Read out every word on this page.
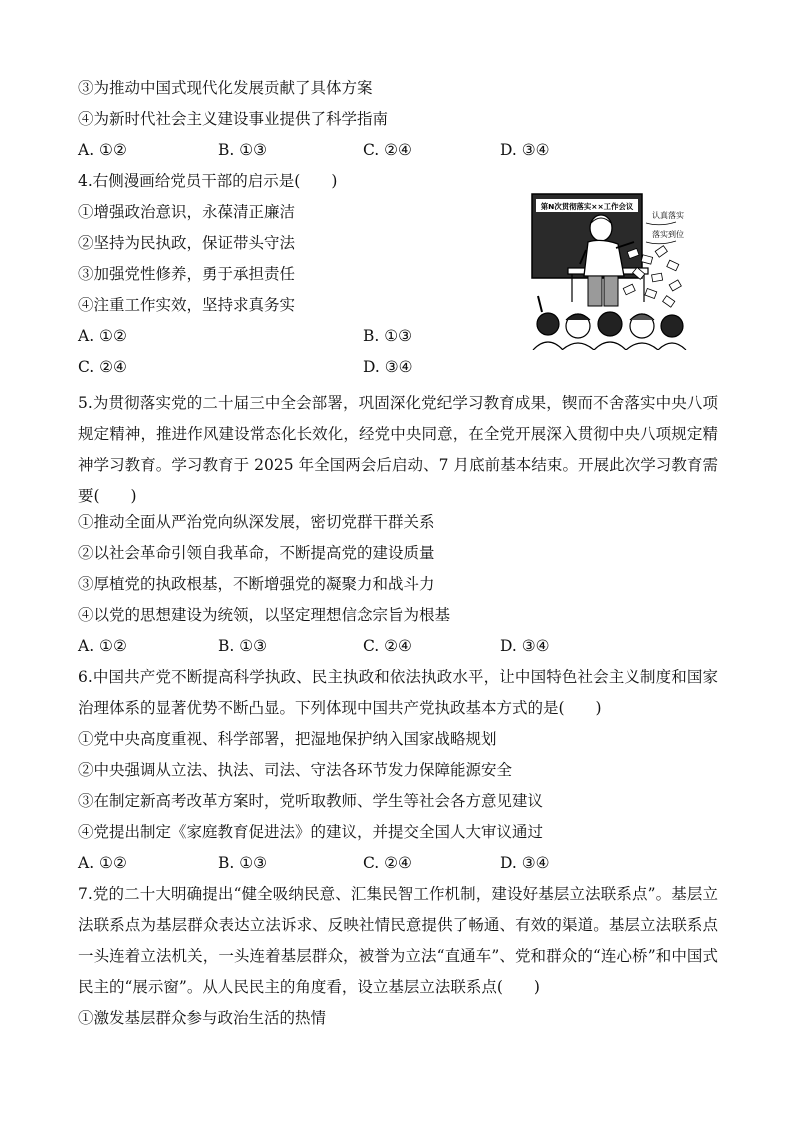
③为推动中国式现代化发展贡献了具体方案
④为新时代社会主义建设事业提供了科学指南
A. ①②	B. ①③	C. ②④	D. ③④
4.右侧漫画给党员干部的启示是(　　)
①增强政治意识，永葆清正廉洁
②坚持为民执政，保证带头守法
③加强党性修养，勇于承担责任
④注重工作实效，坚持求真务实
A. ①②	B. ①③
C. ②④	D. ③④
第N次贯彻落实××工作会议
认真落实
落实到位
5.为贯彻落实党的二十届三中全会部署，巩固深化党纪学习教育成果，锲而不舍落实中央八项规定精神，推进作风建设常态化长效化，经党中央同意，在全党开展深入贯彻中央八项规定精神学习教育。学习教育于 2025 年全国两会后启动、7 月底前基本结束。开展此次学习教育需要(　　)
①推动全面从严治党向纵深发展，密切党群干群关系
②以社会革命引领自我革命，不断提高党的建设质量
③厚植党的执政根基，不断增强党的凝聚力和战斗力
④以党的思想建设为统领，以坚定理想信念宗旨为根基
A. ①②	B. ①③	C. ②④	D. ③④
6.中国共产党不断提高科学执政、民主执政和依法执政水平，让中国特色社会主义制度和国家治理体系的显著优势不断凸显。下列体现中国共产党执政基本方式的是(　　)
①党中央高度重视、科学部署，把湿地保护纳入国家战略规划
②中央强调从立法、执法、司法、守法各环节发力保障能源安全
③在制定新高考改革方案时，党听取教师、学生等社会各方意见建议
④党提出制定《家庭教育促进法》的建议，并提交全国人大审议通过
A. ①②	B. ①③	C. ②④	D. ③④
7.党的二十大明确提出“健全吸纳民意、汇集民智工作机制，建设好基层立法联系点”。基层立法联系点为基层群众表达立法诉求、反映社情民意提供了畅通、有效的渠道。基层立法联系点一头连着立法机关，一头连着基层群众，被誉为立法“直通车”、党和群众的“连心桥”和中国式民主的“展示窗”。从人民民主的角度看，设立基层立法联系点(　　)
①激发基层群众参与政治生活的热情
